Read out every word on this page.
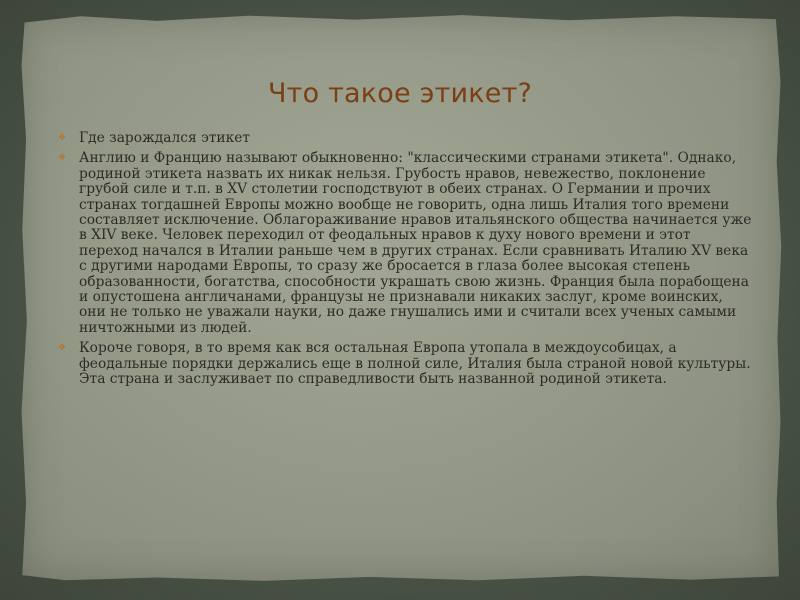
Что такое этикет?
❖ Где зарождался этикет
❖ Англию и Францию называют обыкновенно: "классическими странами этикета". Однако, родиной этикета назвать их никак нельзя. Грубость нравов, невежество, поклонение грубой силе и т.п. в XV столетии господствуют в обеих странах. О Германии и прочих странах тогдашней Европы можно вообще не говорить, одна лишь Италия того времени составляет исключение. Облагораживание нравов итальянского общества начинается уже в XIV веке. Человек переходил от феодальных нравов к духу нового времени и этот переход начался в Италии раньше чем в других странах. Если сравнивать Италию XV века с другими народами Европы, то сразу же бросается в глаза более высокая степень образованности, богатства, способности украшать свою жизнь. Франция была порабощена и опустошена англичанами, французы не признавали никаких заслуг, кроме воинских, они не только не уважали науки, но даже гнушались ими и считали всех ученых самыми ничтожными из людей.
❖ Короче говоря, в то время как вся остальная Европа утопала в междоусобицах, а феодальные порядки держались еще в полной силе, Италия была страной новой культуры. Эта страна и заслуживает по справедливости быть названной родиной этикета.
